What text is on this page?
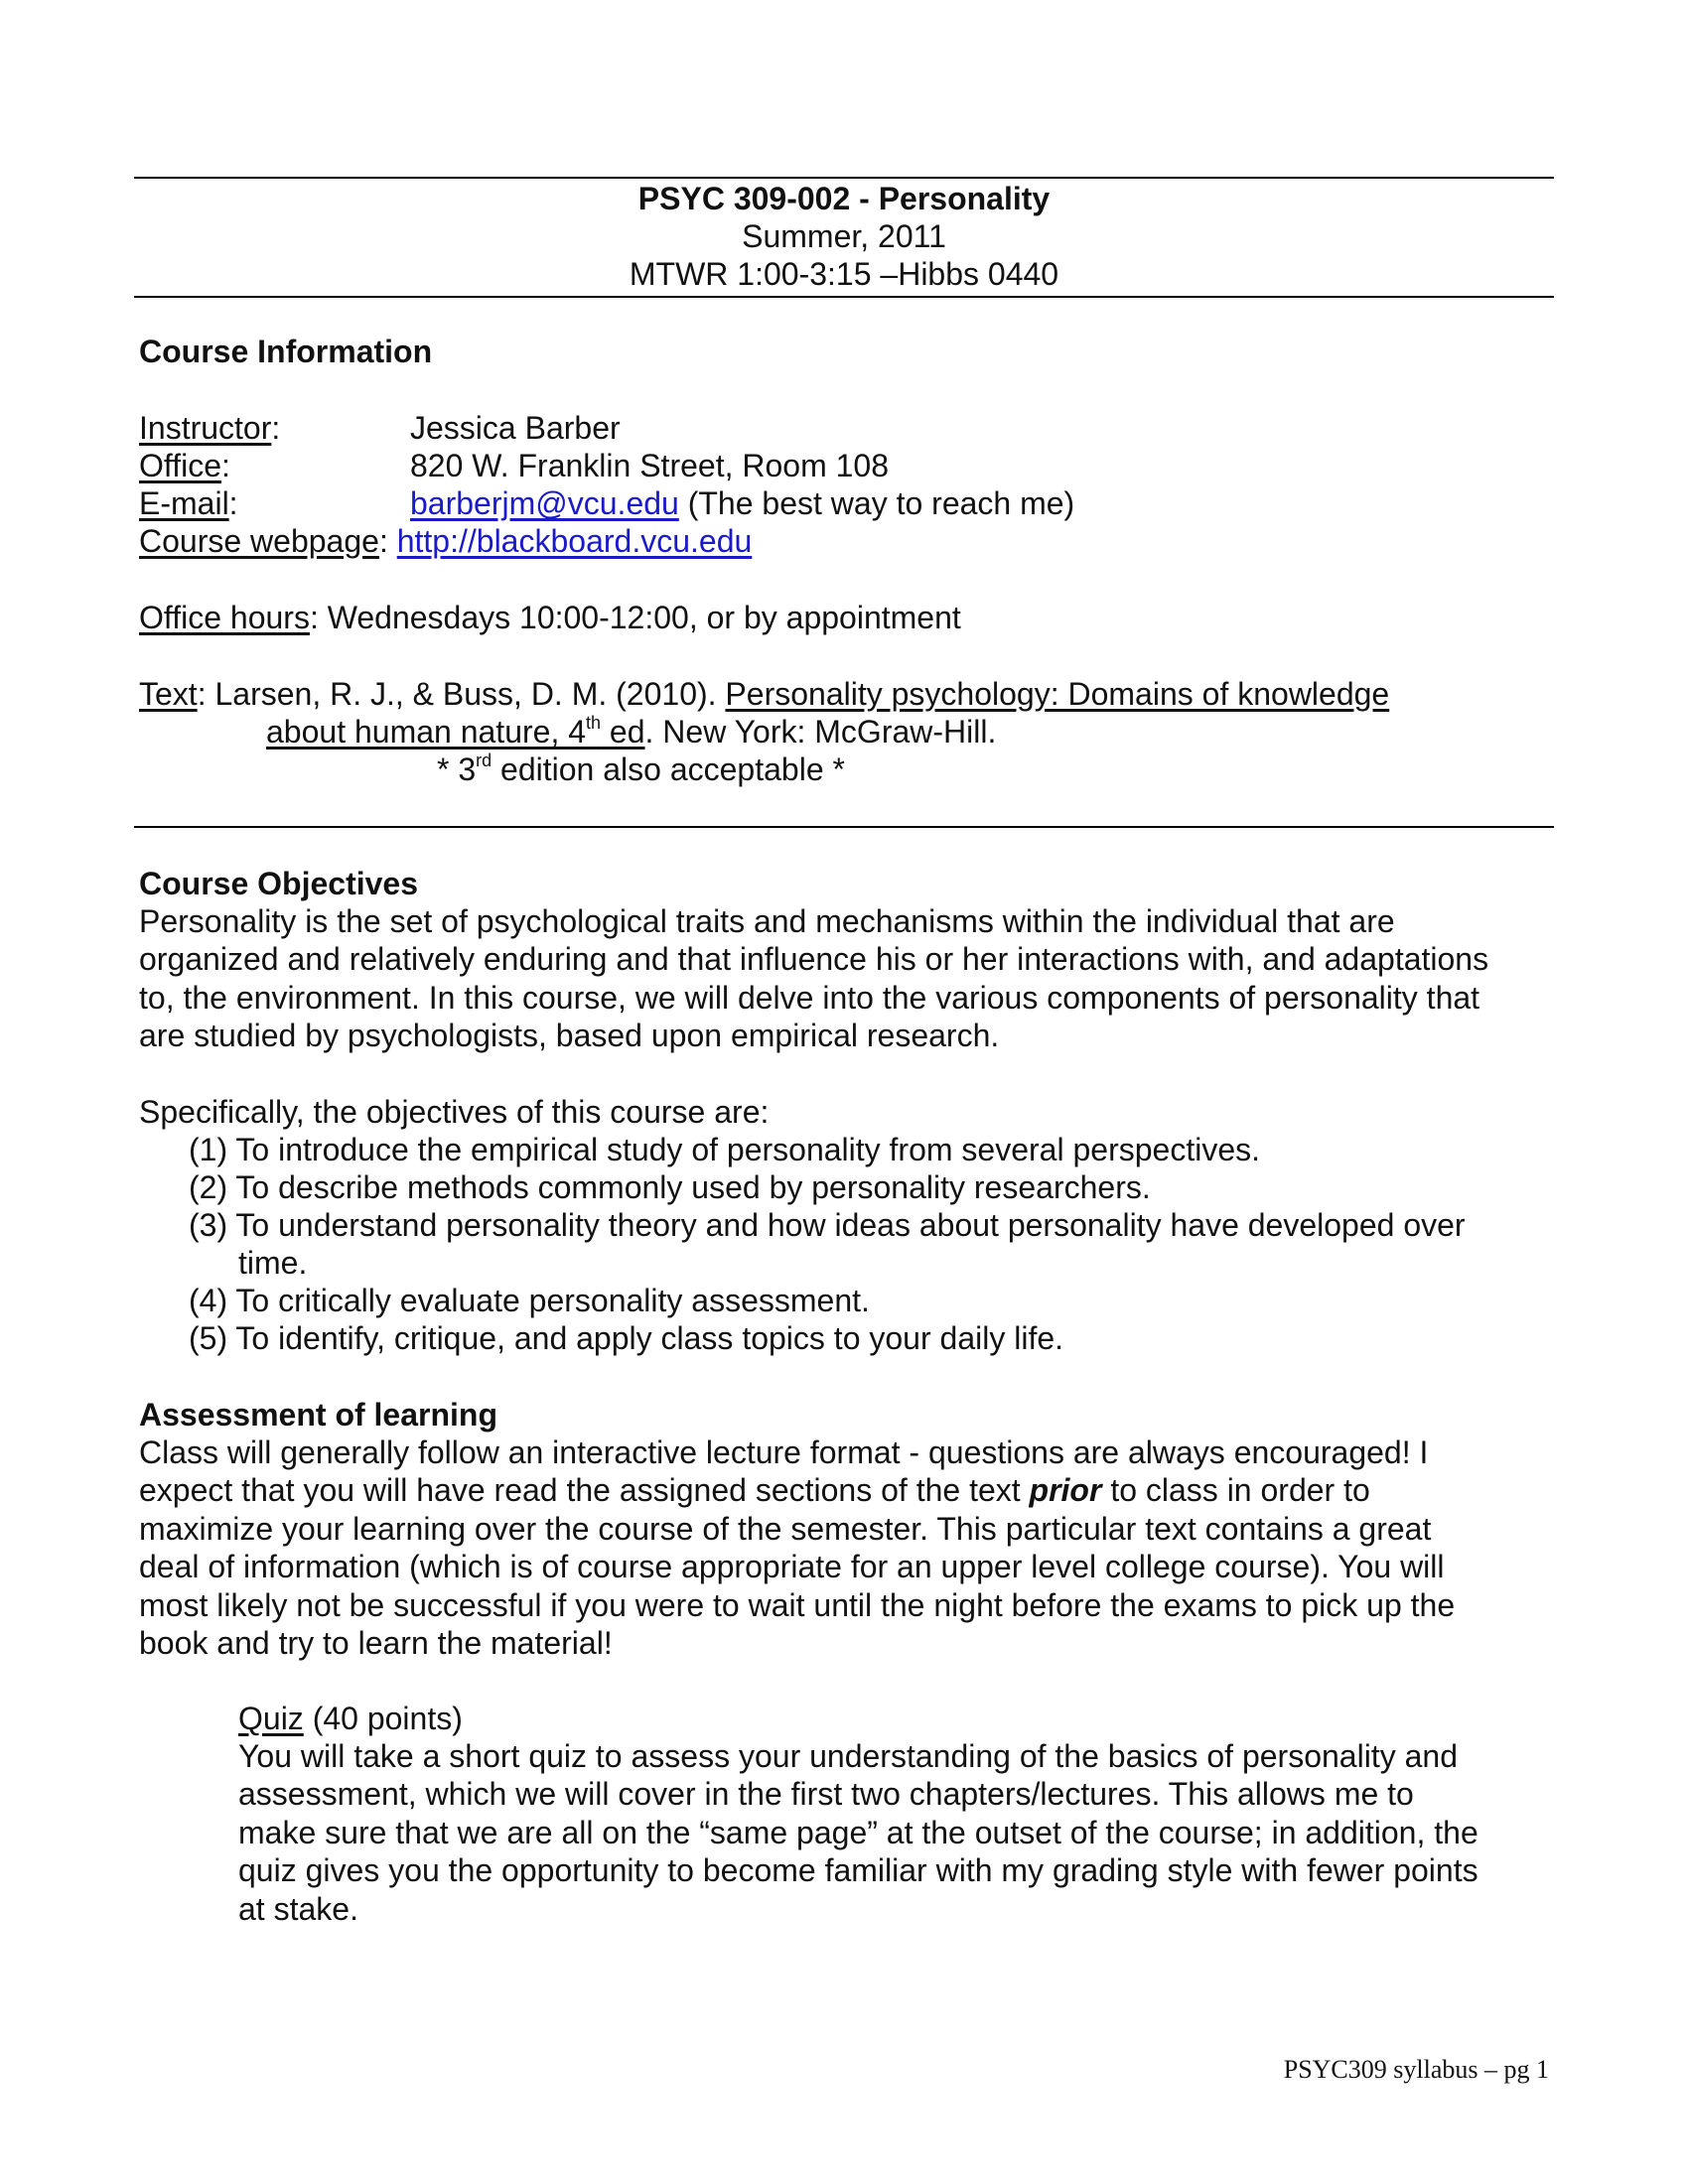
PSYC 309-002 - Personality
Summer, 2011
MTWR 1:00-3:15 –Hibbs 0440
Course Information
Instructor:	Jessica Barber
Office:	820 W. Franklin Street, Room 108
E-mail:	barberjm@vcu.edu (The best way to reach me)
Course webpage: http://blackboard.vcu.edu
Office hours: Wednesdays 10:00-12:00, or by appointment
Text: Larsen, R. J., & Buss, D. M. (2010). Personality psychology: Domains of knowledge
about human nature, 4th ed. New York: McGraw-Hill.
* 3rd edition also acceptable *
Course Objectives
Personality is the set of psychological traits and mechanisms within the individual that are
organized and relatively enduring and that influence his or her interactions with, and adaptations
to, the environment. In this course, we will delve into the various components of personality that
are studied by psychologists, based upon empirical research.
Specifically, the objectives of this course are:
(1) To introduce the empirical study of personality from several perspectives.
(2) To describe methods commonly used by personality researchers.
(3) To understand personality theory and how ideas about personality have developed over
time.
(4) To critically evaluate personality assessment.
(5) To identify, critique, and apply class topics to your daily life.
Assessment of learning
Class will generally follow an interactive lecture format - questions are always encouraged! I
expect that you will have read the assigned sections of the text prior to class in order to
maximize your learning over the course of the semester. This particular text contains a great
deal of information (which is of course appropriate for an upper level college course). You will
most likely not be successful if you were to wait until the night before the exams to pick up the
book and try to learn the material!
Quiz (40 points)
You will take a short quiz to assess your understanding of the basics of personality and
assessment, which we will cover in the first two chapters/lectures. This allows me to
make sure that we are all on the “same page” at the outset of the course; in addition, the
quiz gives you the opportunity to become familiar with my grading style with fewer points
at stake.
PSYC309 syllabus – pg 1
